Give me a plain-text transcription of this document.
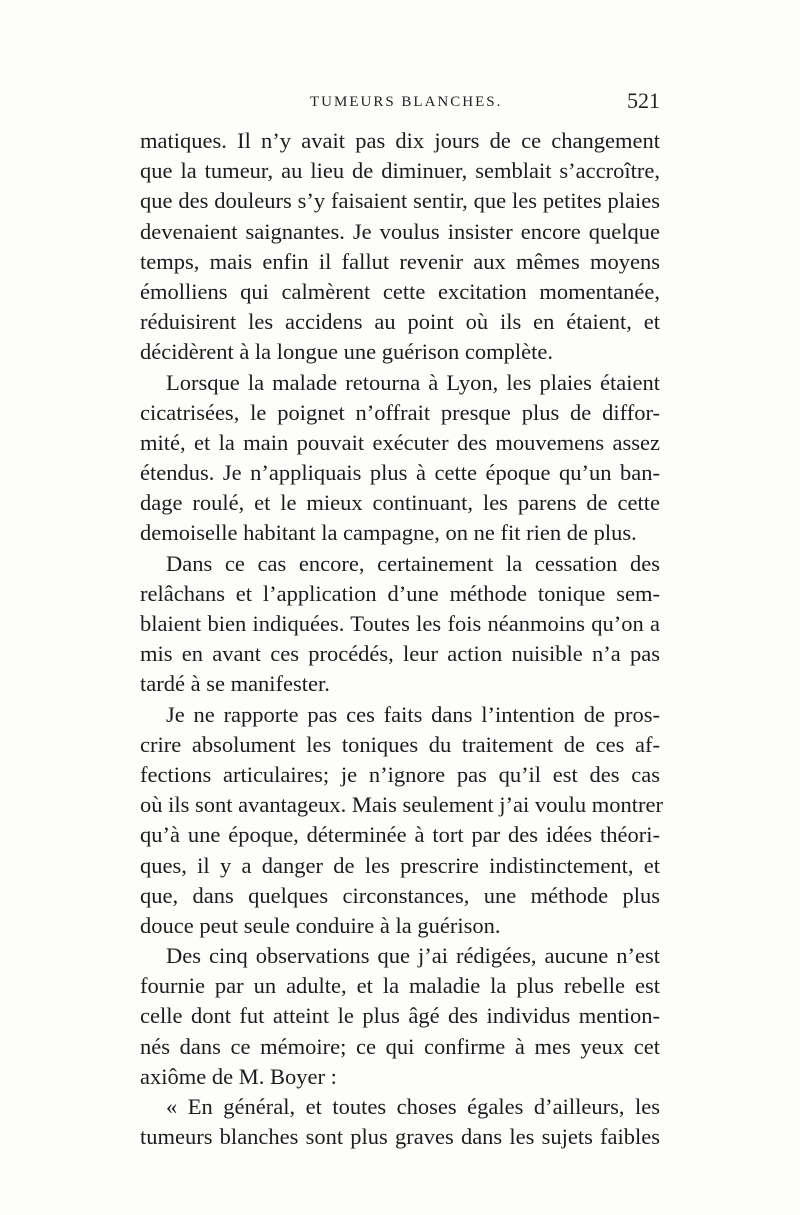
TUMEURS BLANCHES.	521
matiques. Il n’y avait pas dix jours de ce changement
que la tumeur, au lieu de diminuer, semblait s’accroître,
que des douleurs s’y faisaient sentir, que les petites plaies
devenaient saignantes. Je voulus insister encore quelque
temps, mais enfin il fallut revenir aux mêmes moyens
émolliens qui calmèrent cette excitation momentanée,
réduisirent les accidens au point où ils en étaient, et
décidèrent à la longue une guérison complète.
Lorsque la malade retourna à Lyon, les plaies étaient
cicatrisées, le poignet n’offrait presque plus de diffor-
mité, et la main pouvait exécuter des mouvemens assez
étendus. Je n’appliquais plus à cette époque qu’un ban-
dage roulé, et le mieux continuant, les parens de cette
demoiselle habitant la campagne, on ne fit rien de plus.
Dans ce cas encore, certainement la cessation des
relâchans et l’application d’une méthode tonique sem-
blaient bien indiquées. Toutes les fois néanmoins qu’on a
mis en avant ces procédés, leur action nuisible n’a pas
tardé à se manifester.
Je ne rapporte pas ces faits dans l’intention de pros-
crire absolument les toniques du traitement de ces af-
fections articulaires; je n’ignore pas qu’il est des cas
où ils sont avantageux. Mais seulement j’ai voulu montrer
qu’à une époque, déterminée à tort par des idées théori-
ques, il y a danger de les prescrire indistinctement, et
que, dans quelques circonstances, une méthode plus
douce peut seule conduire à la guérison.
Des cinq observations que j’ai rédigées, aucune n’est
fournie par un adulte, et la maladie la plus rebelle est
celle dont fut atteint le plus âgé des individus mention-
nés dans ce mémoire; ce qui confirme à mes yeux cet
axiôme de M. Boyer :
« En général, et toutes choses égales d’ailleurs, les
tumeurs blanches sont plus graves dans les sujets faibles
